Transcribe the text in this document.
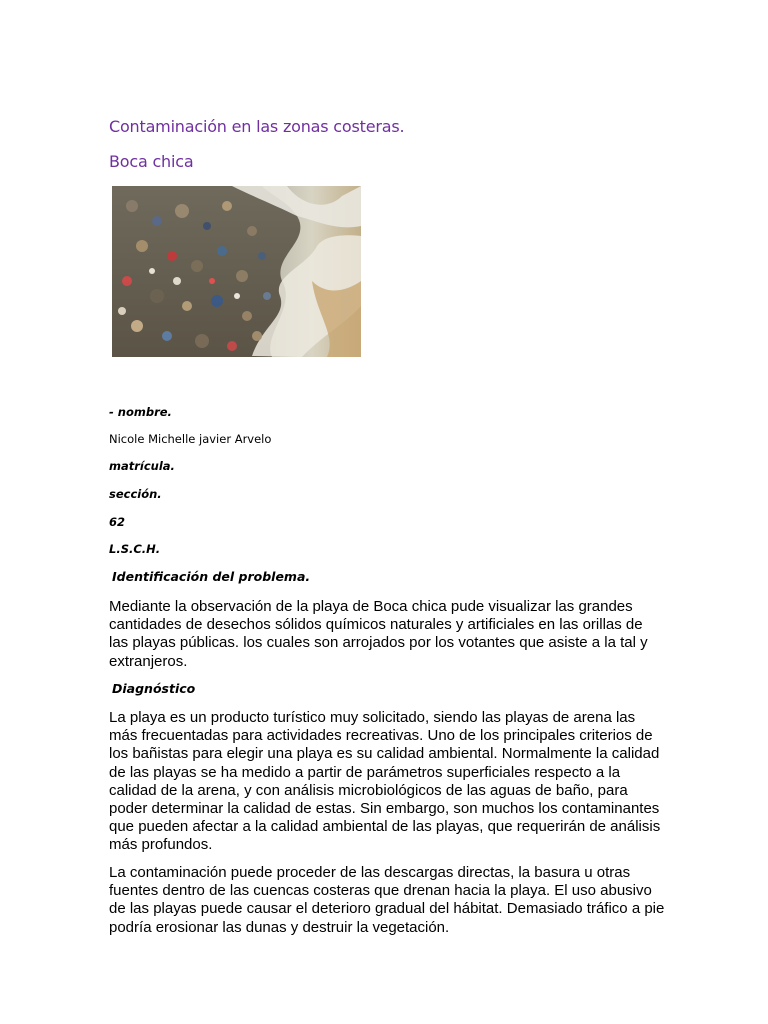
Contaminación en las zonas costeras.
Boca chica
- nombre.
Nicole Michelle javier Arvelo
matrícula.
sección.
62
L.S.C.H.
Identificación del problema.

Mediante la observación de la playa de Boca chica pude visualizar las grandes cantidades de desechos sólidos químicos naturales y artificiales en las orillas de las playas públicas. los cuales son arrojados por los votantes que asiste a la tal y extranjeros.

Diagnóstico

La playa es un producto turístico muy solicitado, siendo las playas de arena las más frecuentadas para actividades recreativas. Uno de los principales criterios de los bañistas para elegir una playa es su calidad ambiental. Normalmente la calidad de las playas se ha medido a partir de parámetros superficiales respecto a la calidad de la arena, y con análisis microbiológicos de las aguas de baño, para poder determinar la calidad de estas. Sin embargo, son muchos los contaminantes que pueden afectar a la calidad ambiental de las playas, que requerirán de análisis más profundos.

La contaminación puede proceder de las descargas directas, la basura u otras fuentes dentro de las cuencas costeras que drenan hacia la playa. El uso abusivo de las playas puede causar el deterioro gradual del hábitat. Demasiado tráfico a pie podría erosionar las dunas y destruir la vegetación.
